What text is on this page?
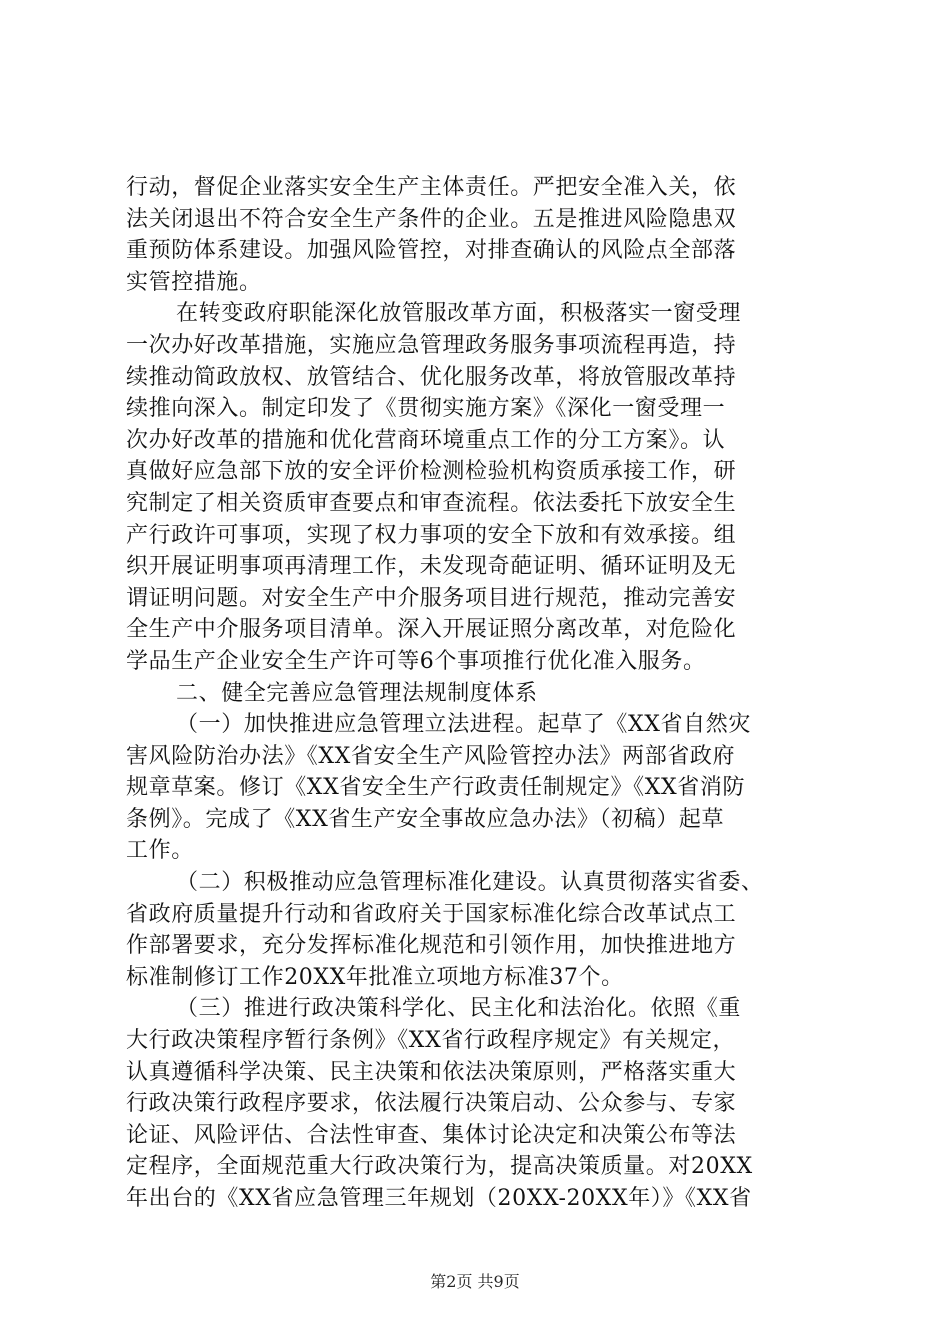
行动，督促企业落实安全生产主体责任。严把安全准入关，依
法关闭退出不符合安全生产条件的企业。五是推进风险隐患双
重预防体系建设。加强风险管控，对排查确认的风险点全部落
实管控措施。
在转变政府职能深化放管服改革方面，积极落实一窗受理
一次办好改革措施，实施应急管理政务服务事项流程再造，持
续推动简政放权、放管结合、优化服务改革，将放管服改革持
续推向深入。制定印发了《贯彻实施方案》《深化一窗受理一
次办好改革的措施和优化营商环境重点工作的分工方案》。认
真做好应急部下放的安全评价检测检验机构资质承接工作，研
究制定了相关资质审查要点和审查流程。依法委托下放安全生
产行政许可事项，实现了权力事项的安全下放和有效承接。组
织开展证明事项再清理工作，未发现奇葩证明、循环证明及无
谓证明问题。对安全生产中介服务项目进行规范，推动完善安
全生产中介服务项目清单。深入开展证照分离改革，对危险化
学品生产企业安全生产许可等6个事项推行优化准入服务。
二、健全完善应急管理法规制度体系
（一）加快推进应急管理立法进程。起草了《XX省自然灾
害风险防治办法》《XX省安全生产风险管控办法》两部省政府
规章草案。修订《XX省安全生产行政责任制规定》《XX省消防
条例》。完成了《XX省生产安全事故应急办法》（初稿）起草
工作。
（二）积极推动应急管理标准化建设。认真贯彻落实省委、
省政府质量提升行动和省政府关于国家标准化综合改革试点工
作部署要求，充分发挥标准化规范和引领作用，加快推进地方
标准制修订工作20XX年批准立项地方标准37个。
（三）推进行政决策科学化、民主化和法治化。依照《重
大行政决策程序暂行条例》《XX省行政程序规定》有关规定，
认真遵循科学决策、民主决策和依法决策原则，严格落实重大
行政决策行政程序要求，依法履行决策启动、公众参与、专家
论证、风险评估、合法性审查、集体讨论决定和决策公布等法
定程序，全面规范重大行政决策行为，提高决策质量。对20XX
年出台的《XX省应急管理三年规划（20XX-20XX年）》《XX省
第2页 共9页
